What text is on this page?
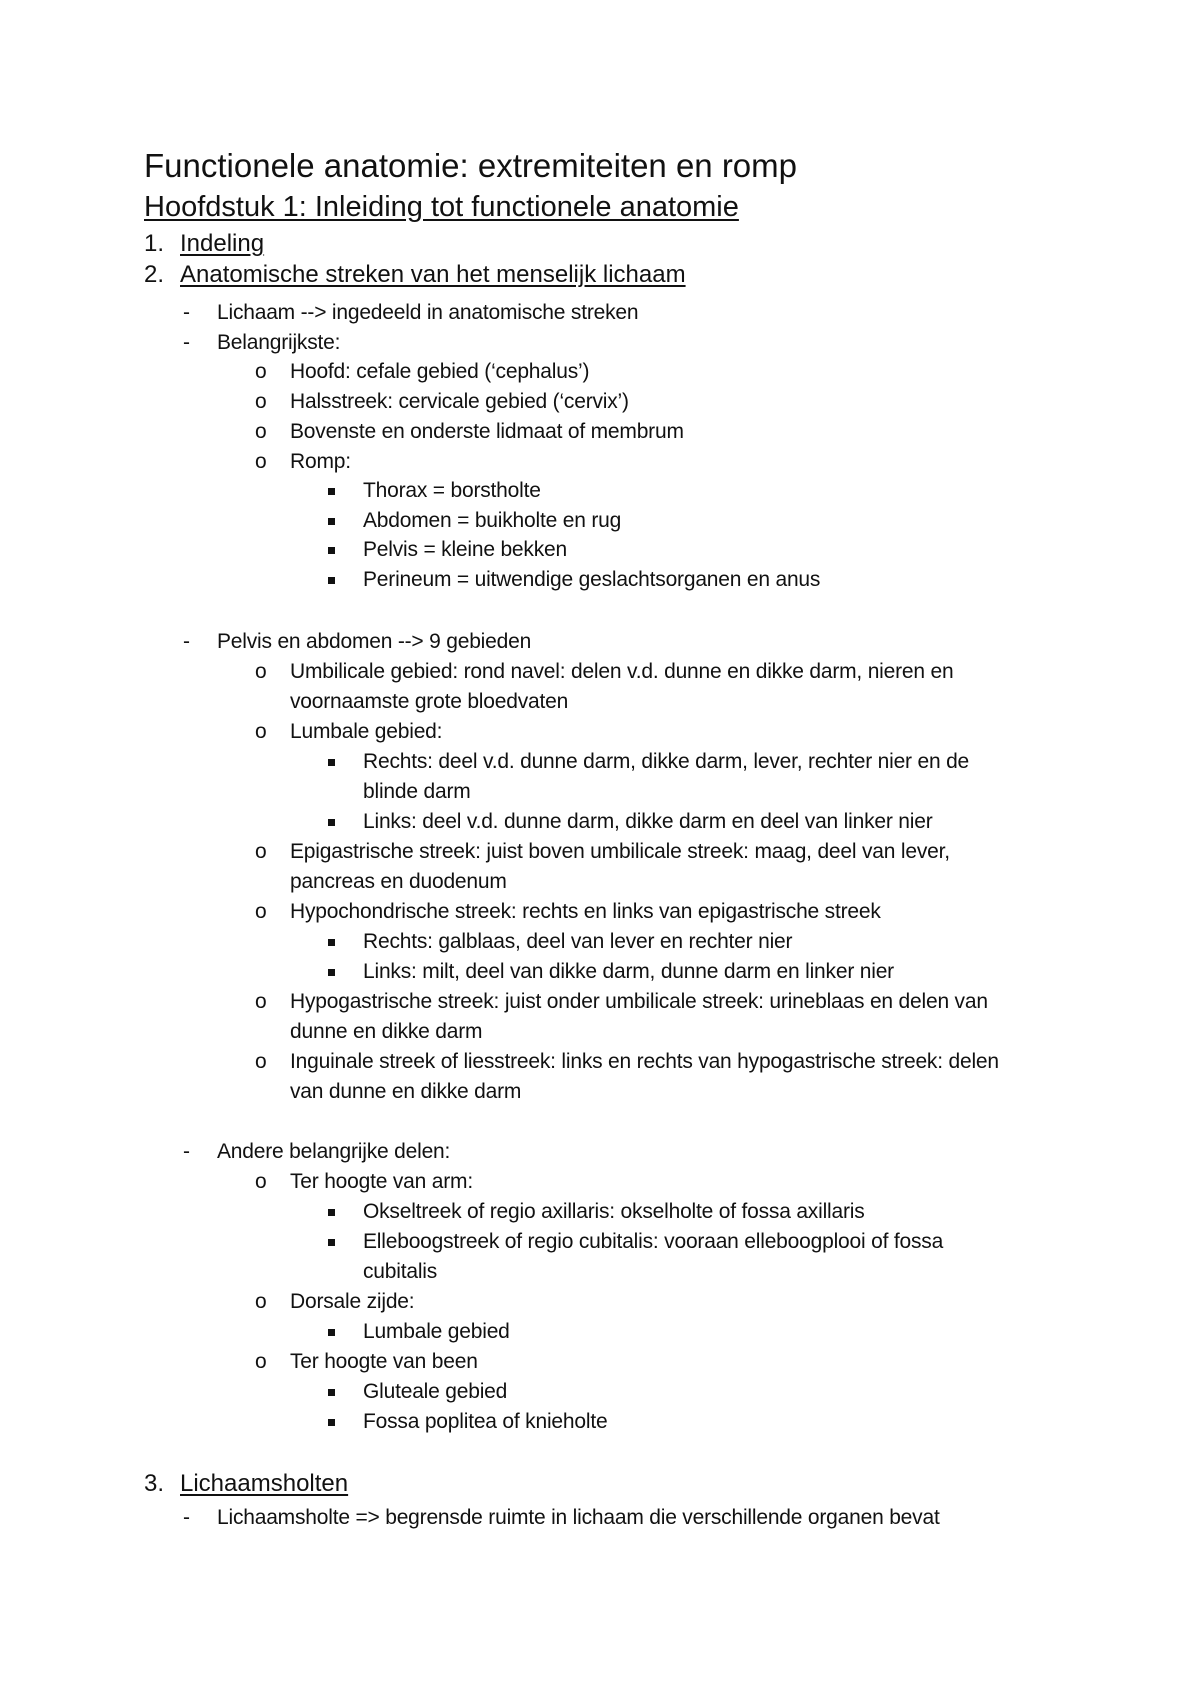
Functionele anatomie: extremiteiten en romp
Hoofdstuk 1: Inleiding tot functionele anatomie
1. Indeling
2. Anatomische streken van het menselijk lichaam
- Lichaam --> ingedeeld in anatomische streken
- Belangrijkste:
o Hoofd: cefale gebied (‘cephalus’)
o Halsstreek: cervicale gebied (‘cervix’)
o Bovenste en onderste lidmaat of membrum
o Romp:
Thorax = borstholte
Abdomen = buikholte en rug
Pelvis = kleine bekken
Perineum = uitwendige geslachtsorganen en anus
- Pelvis en abdomen --> 9 gebieden
o Umbilicale gebied: rond navel: delen v.d. dunne en dikke darm, nieren en
voornaamste grote bloedvaten
o Lumbale gebied:
Rechts: deel v.d. dunne darm, dikke darm, lever, rechter nier en de
blinde darm
Links: deel v.d. dunne darm, dikke darm en deel van linker nier
o Epigastrische streek: juist boven umbilicale streek: maag, deel van lever,
pancreas en duodenum
o Hypochondrische streek: rechts en links van epigastrische streek
Rechts: galblaas, deel van lever en rechter nier
Links: milt, deel van dikke darm, dunne darm en linker nier
o Hypogastrische streek: juist onder umbilicale streek: urineblaas en delen van
dunne en dikke darm
o Inguinale streek of liesstreek: links en rechts van hypogastrische streek: delen
van dunne en dikke darm
- Andere belangrijke delen:
o Ter hoogte van arm:
Okseltreek of regio axillaris: okselholte of fossa axillaris
Elleboogstreek of regio cubitalis: vooraan elleboogplooi of fossa
cubitalis
o Dorsale zijde:
Lumbale gebied
o Ter hoogte van been
Gluteale gebied
Fossa poplitea of knieholte
3. Lichaamsholten
- Lichaamsholte => begrensde ruimte in lichaam die verschillende organen bevat
